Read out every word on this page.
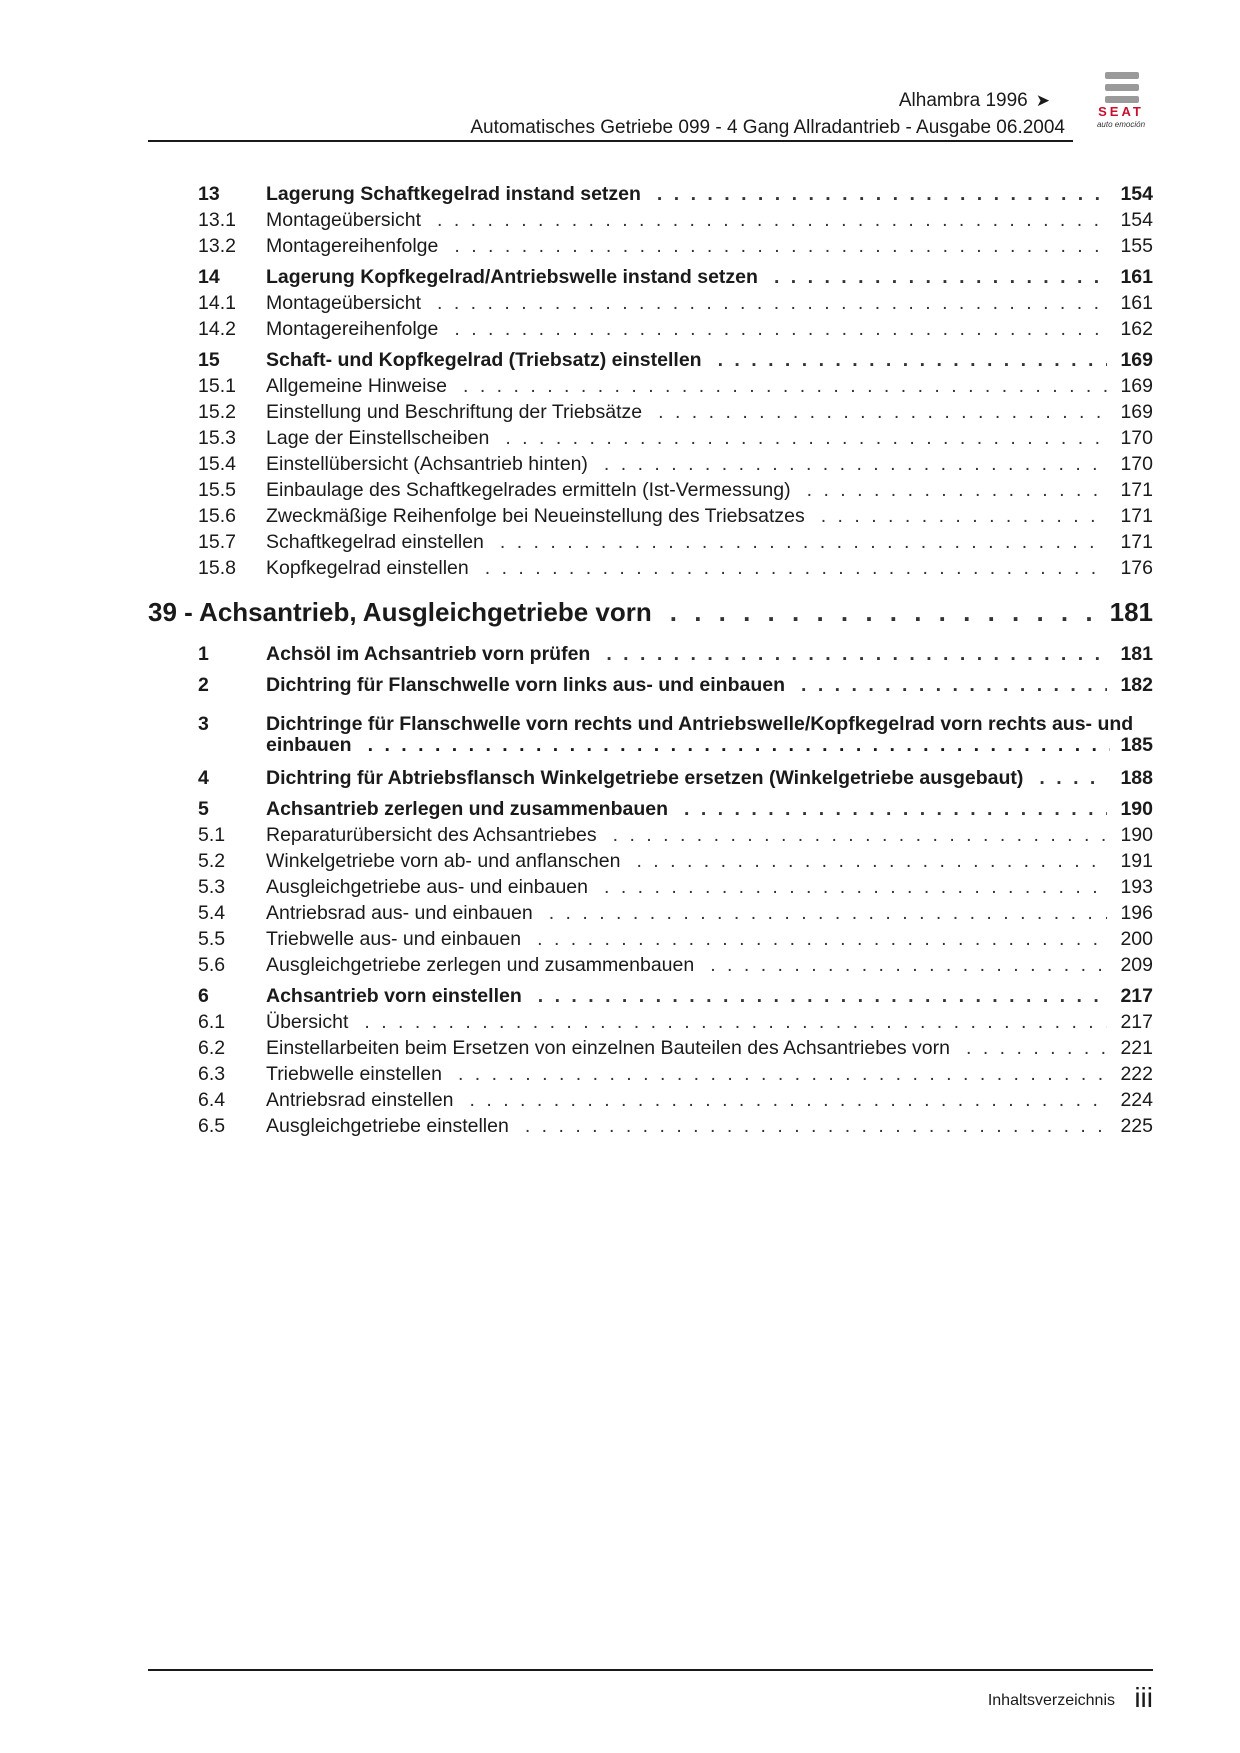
Alhambra 1996 ➤
Automatisches Getriebe 099 - 4 Gang Allradantrieb - Ausgabe 06.2004
SEAT
auto emoción
13	Lagerung Schaftkegelrad instand setzen . . .	154
13.1	Montageübersicht . . .	154
13.2	Montagereihenfolge . . .	155
14	Lagerung Kopfkegelrad/Antriebswelle instand setzen . . .	161
14.1	Montageübersicht . . .	161
14.2	Montagereihenfolge . . .	162
15	Schaft- und Kopfkegelrad (Triebsatz) einstellen . . .	169
15.1	Allgemeine Hinweise . . .	169
15.2	Einstellung und Beschriftung der Triebsätze . . .	169
15.3	Lage der Einstellscheiben . . .	170
15.4	Einstellübersicht (Achsantrieb hinten) . . .	170
15.5	Einbaulage des Schaftkegelrades ermitteln (Ist-Vermessung) . . .	171
15.6	Zweckmäßige Reihenfolge bei Neueinstellung des Triebsatzes . . .	171
15.7	Schaftkegelrad einstellen . . .	171
15.8	Kopfkegelrad einstellen . . .	176
39 - Achsantrieb, Ausgleichgetriebe vorn . . .	181
1	Achsöl im Achsantrieb vorn prüfen . . .	181
2	Dichtring für Flanschwelle vorn links aus- und einbauen . . .	182
3	Dichtringe für Flanschwelle vorn rechts und Antriebswelle/Kopfkegelrad vorn rechts aus- und
einbauen . . .	185
4	Dichtring für Abtriebsflansch Winkelgetriebe ersetzen (Winkelgetriebe ausgebaut) . . .	188
5	Achsantrieb zerlegen und zusammenbauen . . .	190
5.1	Reparaturübersicht des Achsantriebes . . .	190
5.2	Winkelgetriebe vorn ab- und anflanschen . . .	191
5.3	Ausgleichgetriebe aus- und einbauen . . .	193
5.4	Antriebsrad aus- und einbauen . . .	196
5.5	Triebwelle aus- und einbauen . . .	200
5.6	Ausgleichgetriebe zerlegen und zusammenbauen . . .	209
6	Achsantrieb vorn einstellen . . .	217
6.1	Übersicht . . .	217
6.2	Einstellarbeiten beim Ersetzen von einzelnen Bauteilen des Achsantriebes vorn . . .	221
6.3	Triebwelle einstellen . . .	222
6.4	Antriebsrad einstellen . . .	224
6.5	Ausgleichgetriebe einstellen . . .	225
Inhaltsverzeichnis iii
